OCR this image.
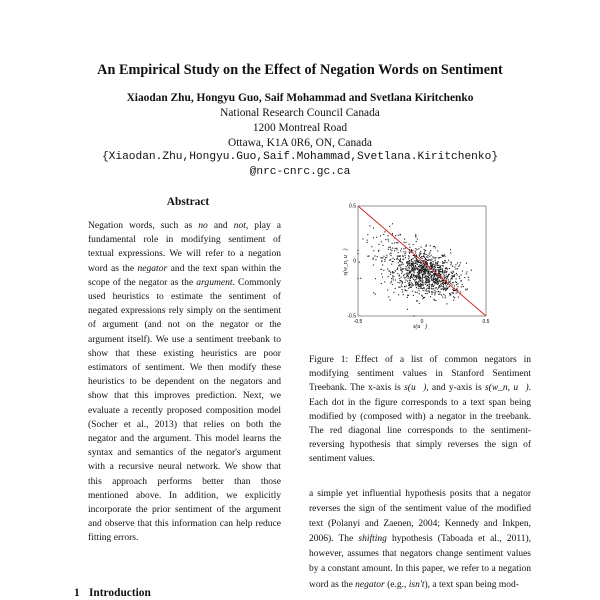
An Empirical Study on the Effect of Negation Words on Sentiment
Xiaodan Zhu, Hongyu Guo, Saif Mohammad and Svetlana Kiritchenko
National Research Council Canada
1200 Montreal Road
Ottawa, K1A 0R6, ON, Canada
{Xiaodan.Zhu,Hongyu.Guo,Saif.Mohammad,Svetlana.Kiritchenko}
@nrc-cnrc.gc.ca
Abstract
Negation words, such as no and not, play a fundamental role in modifying sentiment of textual expressions. We will refer to a negation word as the negator and the text span within the scope of the negator as the argument. Commonly used heuristics to estimate the sentiment of negated expressions rely simply on the sentiment of argument (and not on the negator or the argument itself). We use a sentiment treebank to show that these existing heuristics are poor estimators of sentiment. We then modify these heuristics to be dependent on the negators and show that this improves prediction. Next, we evaluate a recently proposed composition model (Socher et al., 2013) that relies on both the negator and the argument. This model learns the syntax and semantics of the negator's argument with a recursive neural network. We show that this approach performs better than those mentioned above. In addition, we explicitly incorporate the prior sentiment of the argument and observe that this information can help reduce fitting errors.
1 Introduction
-0.5	0	0.5
-0.5
0
0.5
s(u⃗)
s(w_n, u⃗)
Figure 1: Effect of a list of common negators in modifying sentiment values in Stanford Sentiment Treebank. The x-axis is s(u⃗), and y-axis is s(w_n, u⃗). Each dot in the figure corresponds to a text span being modified by (composed with) a negator in the treebank. The red diagonal line corresponds to the sentiment-reversing hypothesis that simply reverses the sign of sentiment values.
a simple yet influential hypothesis posits that a negator reverses the sign of the sentiment value of the modified text (Polanyi and Zaenen, 2004; Kennedy and Inkpen, 2006). The shifting hypothesis (Taboada et al., 2011), however, assumes that negators change sentiment values by a constant amount. In this paper, we refer to a negation word as the negator (e.g., isn't), a text span being mod-
